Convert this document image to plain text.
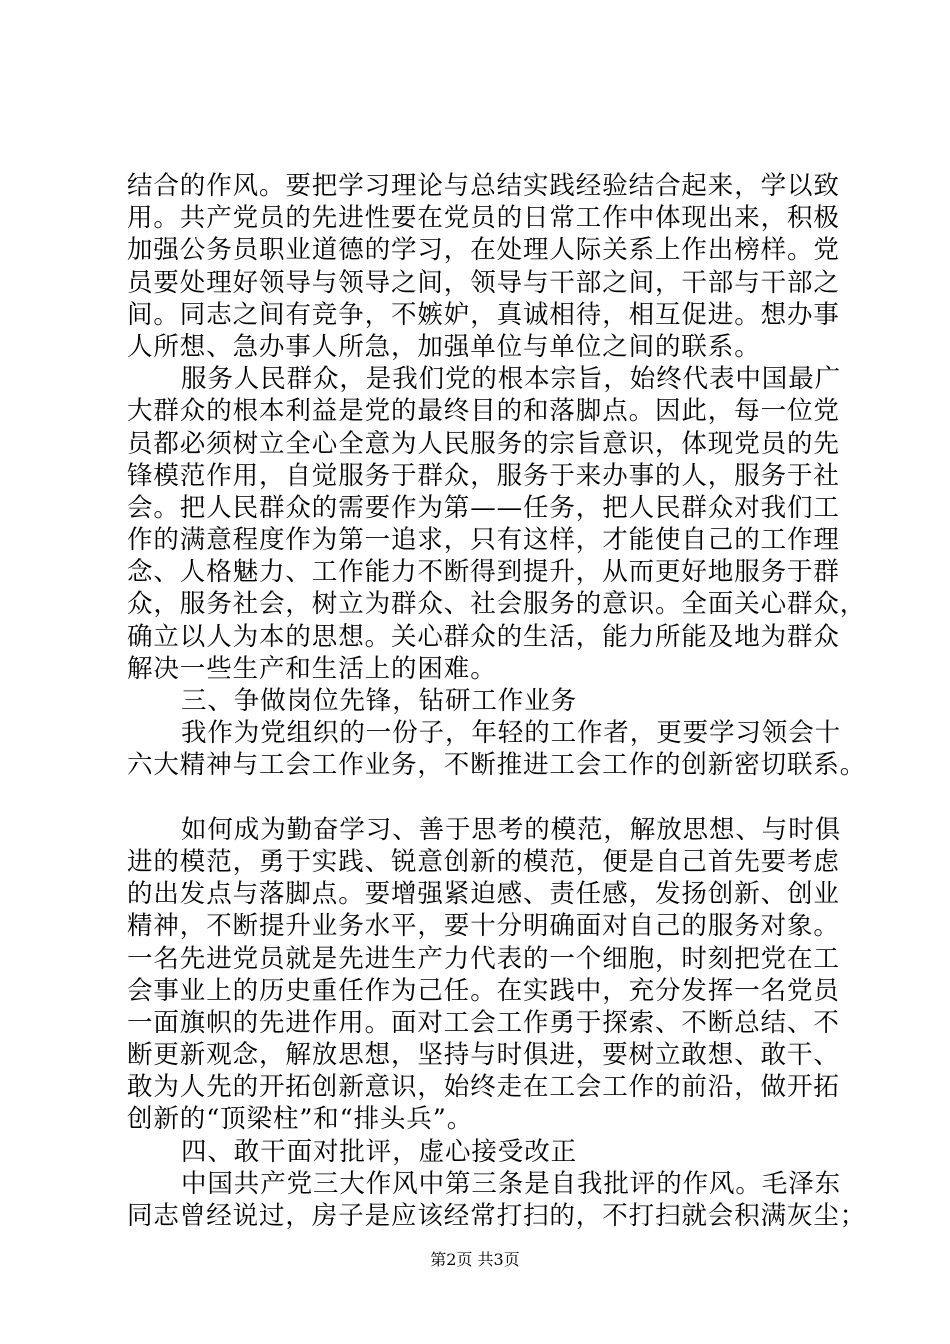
结合的作风。要把学习理论与总结实践经验结合起来，学以致
用。共产党员的先进性要在党员的日常工作中体现出来，积极
加强公务员职业道德的学习，在处理人际关系上作出榜样。党
员要处理好领导与领导之间，领导与干部之间，干部与干部之
间。同志之间有竞争，不嫉妒，真诚相待，相互促进。想办事
人所想、急办事人所急，加强单位与单位之间的联系。
服务人民群众，是我们党的根本宗旨，始终代表中国最广
大群众的根本利益是党的最终目的和落脚点。因此，每一位党
员都必须树立全心全意为人民服务的宗旨意识，体现党员的先
锋模范作用，自觉服务于群众，服务于来办事的人，服务于社
会。把人民群众的需要作为第——任务，把人民群众对我们工
作的满意程度作为第一追求，只有这样，才能使自己的工作理
念、人格魅力、工作能力不断得到提升，从而更好地服务于群
众，服务社会，树立为群众、社会服务的意识。全面关心群众，
确立以人为本的思想。关心群众的生活，能力所能及地为群众
解决一些生产和生活上的困难。
三、争做岗位先锋，钻研工作业务
我作为党组织的一份子，年轻的工作者，更要学习领会十
六大精神与工会工作业务，不断推进工会工作的创新密切联系。
如何成为勤奋学习、善于思考的模范，解放思想、与时俱
进的模范，勇于实践、锐意创新的模范，便是自己首先要考虑
的出发点与落脚点。要增强紧迫感、责任感，发扬创新、创业
精神，不断提升业务水平，要十分明确面对自己的服务对象。
一名先进党员就是先进生产力代表的一个细胞，时刻把党在工
会事业上的历史重任作为己任。在实践中，充分发挥一名党员
一面旗帜的先进作用。面对工会工作勇于探索、不断总结、不
断更新观念，解放思想，坚持与时俱进，要树立敢想、敢干、
敢为人先的开拓创新意识，始终走在工会工作的前沿，做开拓
创新的“顶梁柱”和“排头兵”。
四、敢干面对批评，虚心接受改正
中国共产党三大作风中第三条是自我批评的作风。毛泽东
同志曾经说过，房子是应该经常打扫的，不打扫就会积满灰尘；
第2页 共3页
